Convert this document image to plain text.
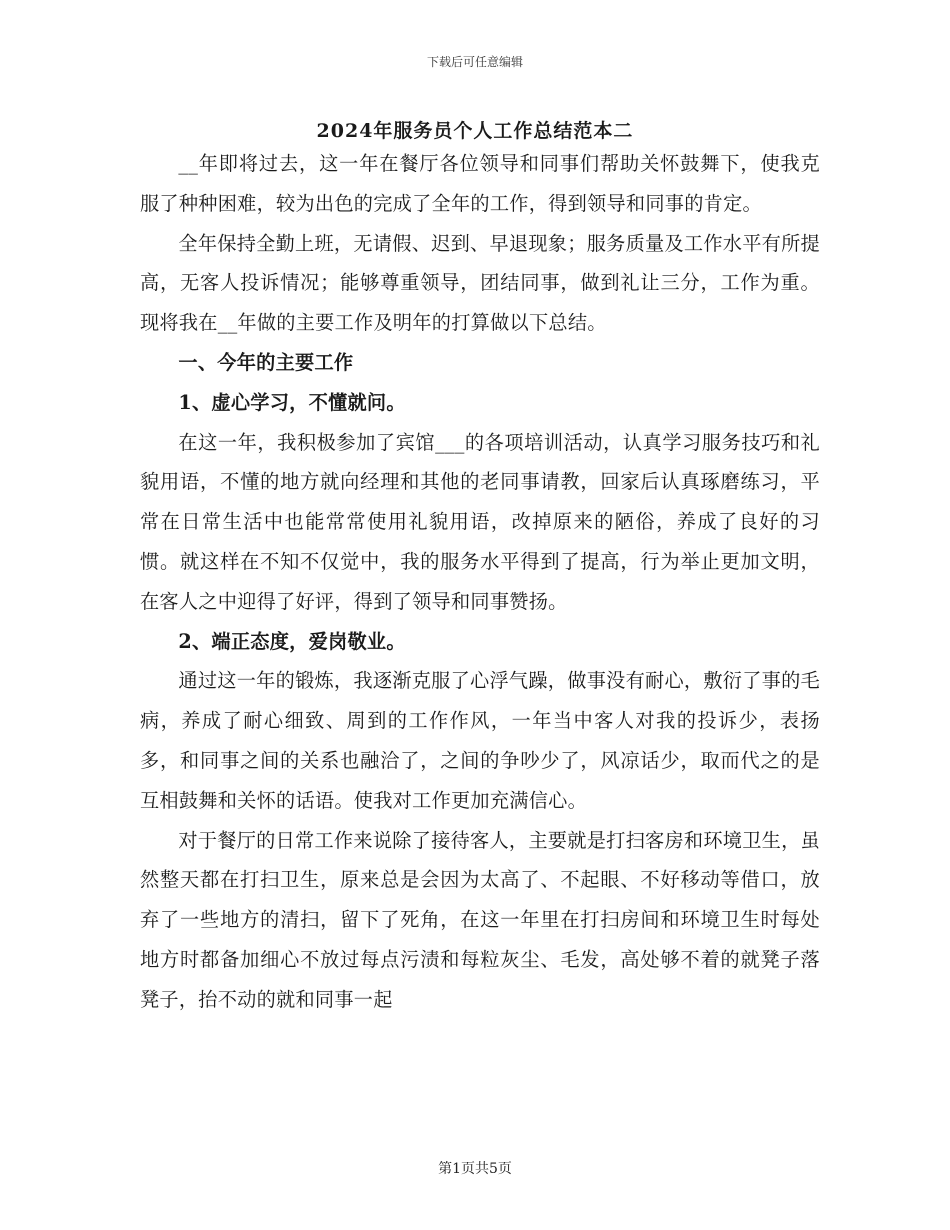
下载后可任意编辑
2024年服务员个人工作总结范本二

__年即将过去，这一年在餐厅各位领导和同事们帮助关怀鼓舞下，使我克服了种种困难，较为出色的完成了全年的工作，得到领导和同事的肯定。

全年保持全勤上班，无请假、迟到、早退现象；服务质量及工作水平有所提高，无客人投诉情况；能够尊重领导，团结同事，做到礼让三分，工作为重。现将我在__年做的主要工作及明年的打算做以下总结。

一、今年的主要工作

1、虚心学习，不懂就问。

在这一年，我积极参加了宾馆___的各项培训活动，认真学习服务技巧和礼貌用语，不懂的地方就向经理和其他的老同事请教，回家后认真琢磨练习，平常在日常生活中也能常常使用礼貌用语，改掉原来的陋俗，养成了良好的习惯。就这样在不知不仅觉中，我的服务水平得到了提高，行为举止更加文明，在客人之中迎得了好评，得到了领导和同事赞扬。

2、端正态度，爱岗敬业。

通过这一年的锻炼，我逐渐克服了心浮气躁，做事没有耐心，敷衍了事的毛病，养成了耐心细致、周到的工作作风，一年当中客人对我的投诉少，表扬多，和同事之间的关系也融洽了，之间的争吵少了，风凉话少，取而代之的是互相鼓舞和关怀的话语。使我对工作更加充满信心。

对于餐厅的日常工作来说除了接待客人，主要就是打扫客房和环境卫生，虽然整天都在打扫卫生，原来总是会因为太高了、不起眼、不好移动等借口，放弃了一些地方的清扫，留下了死角，在这一年里在打扫房间和环境卫生时每处地方时都备加细心不放过每点污渍和每粒灰尘、毛发，高处够不着的就凳子落凳子，抬不动的就和同事一起

第1页共5页
